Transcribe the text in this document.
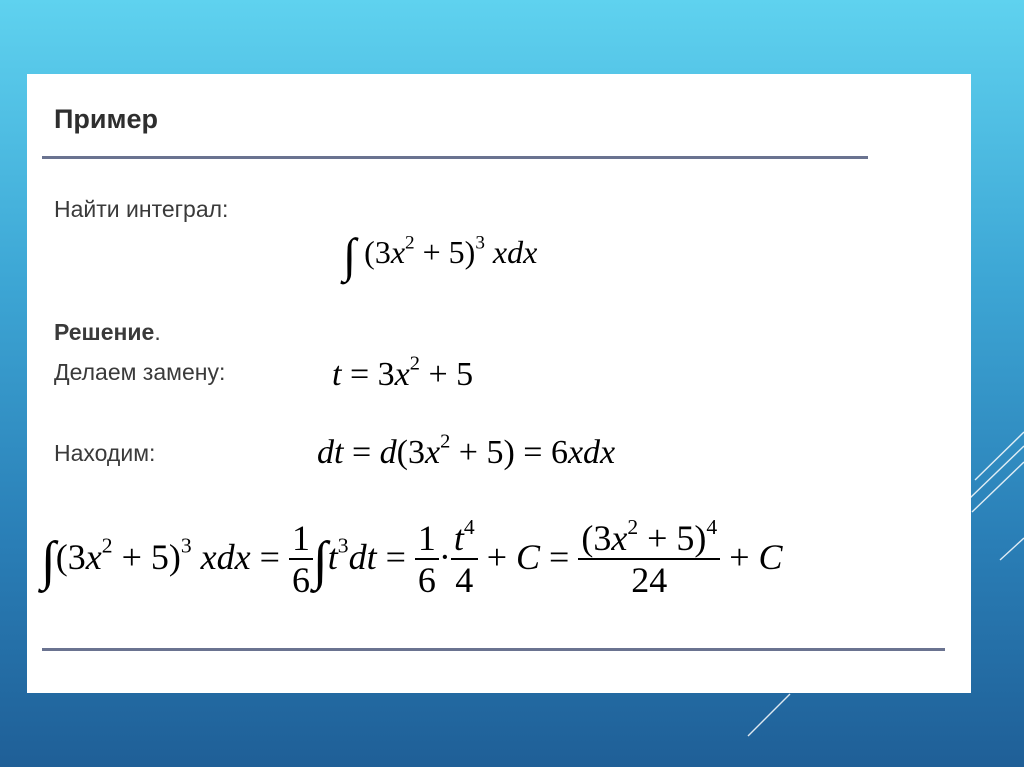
Пример
Найти интеграл:
∫ $(3x^2 + 5)^3$ xdx
Решение.
Делаем замену:	$t = 3x^2 + 5$
Находим:	dt = $d(3x^2 + 5) = 6xdx$
$\int(3x^2 + 5)^3$ xdx = $\frac{1}{6} \int t^3dt = \frac{1}{6} \cdot \frac{t^4}{4} + C = \frac{(3x^2 + 5)^4}{24} + C$
